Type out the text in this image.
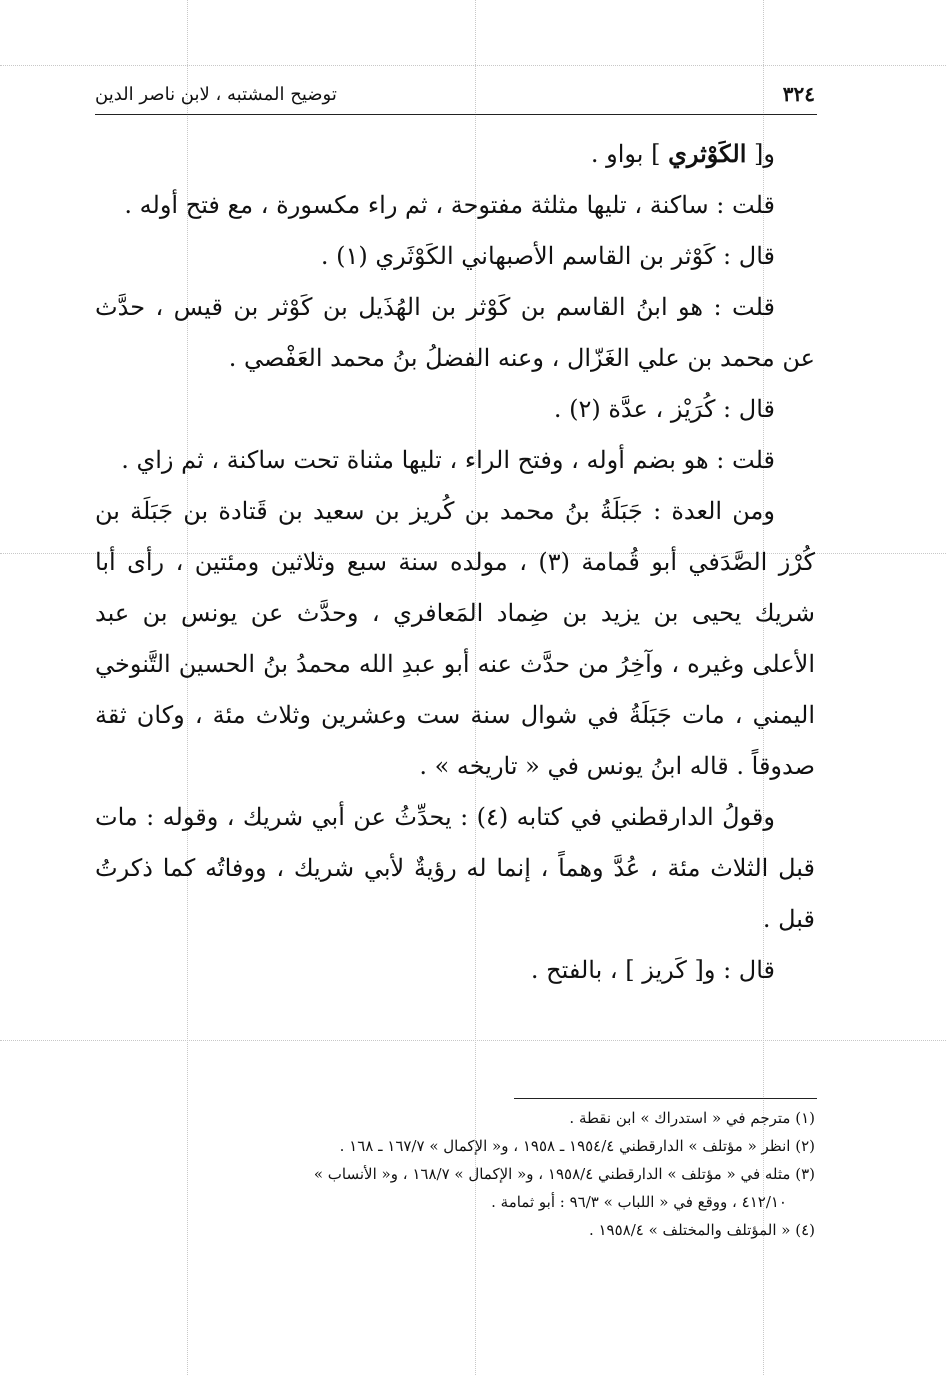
٣٢٤
توضيح المشتبه ، لابن ناصر الدين

و[ الكَوْثري ] بواو .

قلت : ساكنة ، تليها مثلثة مفتوحة ، ثم راء مكسورة ، مع فتح أوله .

قال : كَوْثر بن القاسم الأصبهاني الكَوْثَري (١) .

قلت : هو ابنُ القاسم بن كَوْثر بن الهُذَيل بن كَوْثر بن قيس ، حدَّث عن محمد بن علي الغَزّال ، وعنه الفضلُ بنُ محمد العَفْصي .

قال : كُرَيْز ، عدَّة (٢) .

قلت : هو بضم أوله ، وفتح الراء ، تليها مثناة تحت ساكنة ، ثم زاي .

ومن العدة : جَبَلَةُ بنُ محمد بن كُريز بن سعيد بن قَتادة بن جَبَلَة بن كُرْز الصَّدَفي أبو قُمامة (٣) ، مولده سنة سبع وثلاثين ومئتين ، رأى أبا شريك يحيى بن يزيد بن ضِماد المَعافري ، وحدَّث عن يونس بن عبد الأعلى وغيره ، وآخِرُ من حدَّث عنه أبو عبدِ الله محمدُ بنُ الحسين التَّنوخي اليمني ، مات جَبَلَةُ في شوال سنة ست وعشرين وثلاث مئة ، وكان ثقة صدوقاً . قاله ابنُ يونس في « تاريخه » .

وقولُ الدارقطني في كتابه (٤) : يحدِّثُ عن أبي شريك ، وقوله : مات قبل الثلاث مئة ، عُدَّ وهماً ، إنما له رؤيةٌ لأبي شريك ، ووفاتُه كما ذكرتُ قبل .

قال : و[ كَريز ] ، بالفتح .

(١) مترجم في « استدراك » ابن نقطة .

(٢) انظر « مؤتلف » الدارقطني ١٩٥٤/٤ ـ ١٩٥٨ ، و« الإكمال » ١٦٧/٧ ـ ١٦٨ .

(٣) مثله في « مؤتلف » الدارقطني ١٩٥٨/٤ ، و« الإكمال » ١٦٨/٧ ، و« الأنساب »

٤١٢/١٠ ، ووقع في « اللباب » ٩٦/٣ : أبو ثمامة .

(٤) « المؤتلف والمختلف » ١٩٥٨/٤ .
